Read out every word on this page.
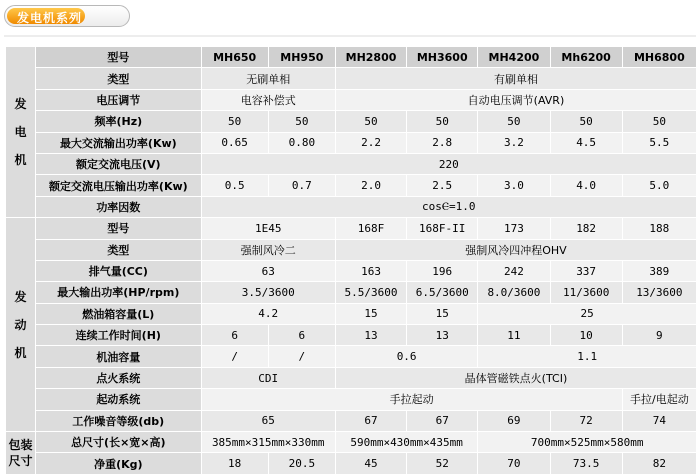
发电机系列
发
电
机	型号	MH650	MH950	MH2800	MH3600	MH4200	Mh6200	MH6800
	类型	无刷单相		有刷单相				
	电压调节	电容补偿式		自动电压调节(AVR)				
	频率(Hz)	50	50	50	50	50	50	50
	最大交流输出功率(Kw)	0.65	0.80	2.2	2.8	3.2	4.5	5.5
	额定交流电压(V)	220						
	额定交流电压输出功率(Kw)	0.5	0.7	2.0	2.5	3.0	4.0	5.0
	功率因数	cosⲈ=1.0						

发
动
机	型号	1E45		168F	168F-II	173	182	188
	类型	强制风冷二		强制风冷四冲程OHV				
	排气量(CC)	63		163	196	242	337	389
	最大输出功率(HP/rpm)	3.5/3600		5.5/3600	6.5/3600	8.0/3600	11/3600	13/3600
	燃油箱容量(L)	4.2		15	15	25		
	连续工作时间(H)	6	6	13	13	11	10	9
	机油容量	/	/	0.6		1.1		
	点火系统	CDI		晶体管磁铁点火(TCI)				
	起动系统	手拉起动						手拉/电起动
	工作噪音等级(db)	65		67	67	69	72	74

包装
尺寸	总尺寸(长×宽×高)	385mm×315mm×330mm		590mm×430mm×435mm		700mm×525mm×580mm		
	净重(Kg)	18	20.5	45	52	70	73.5	82
